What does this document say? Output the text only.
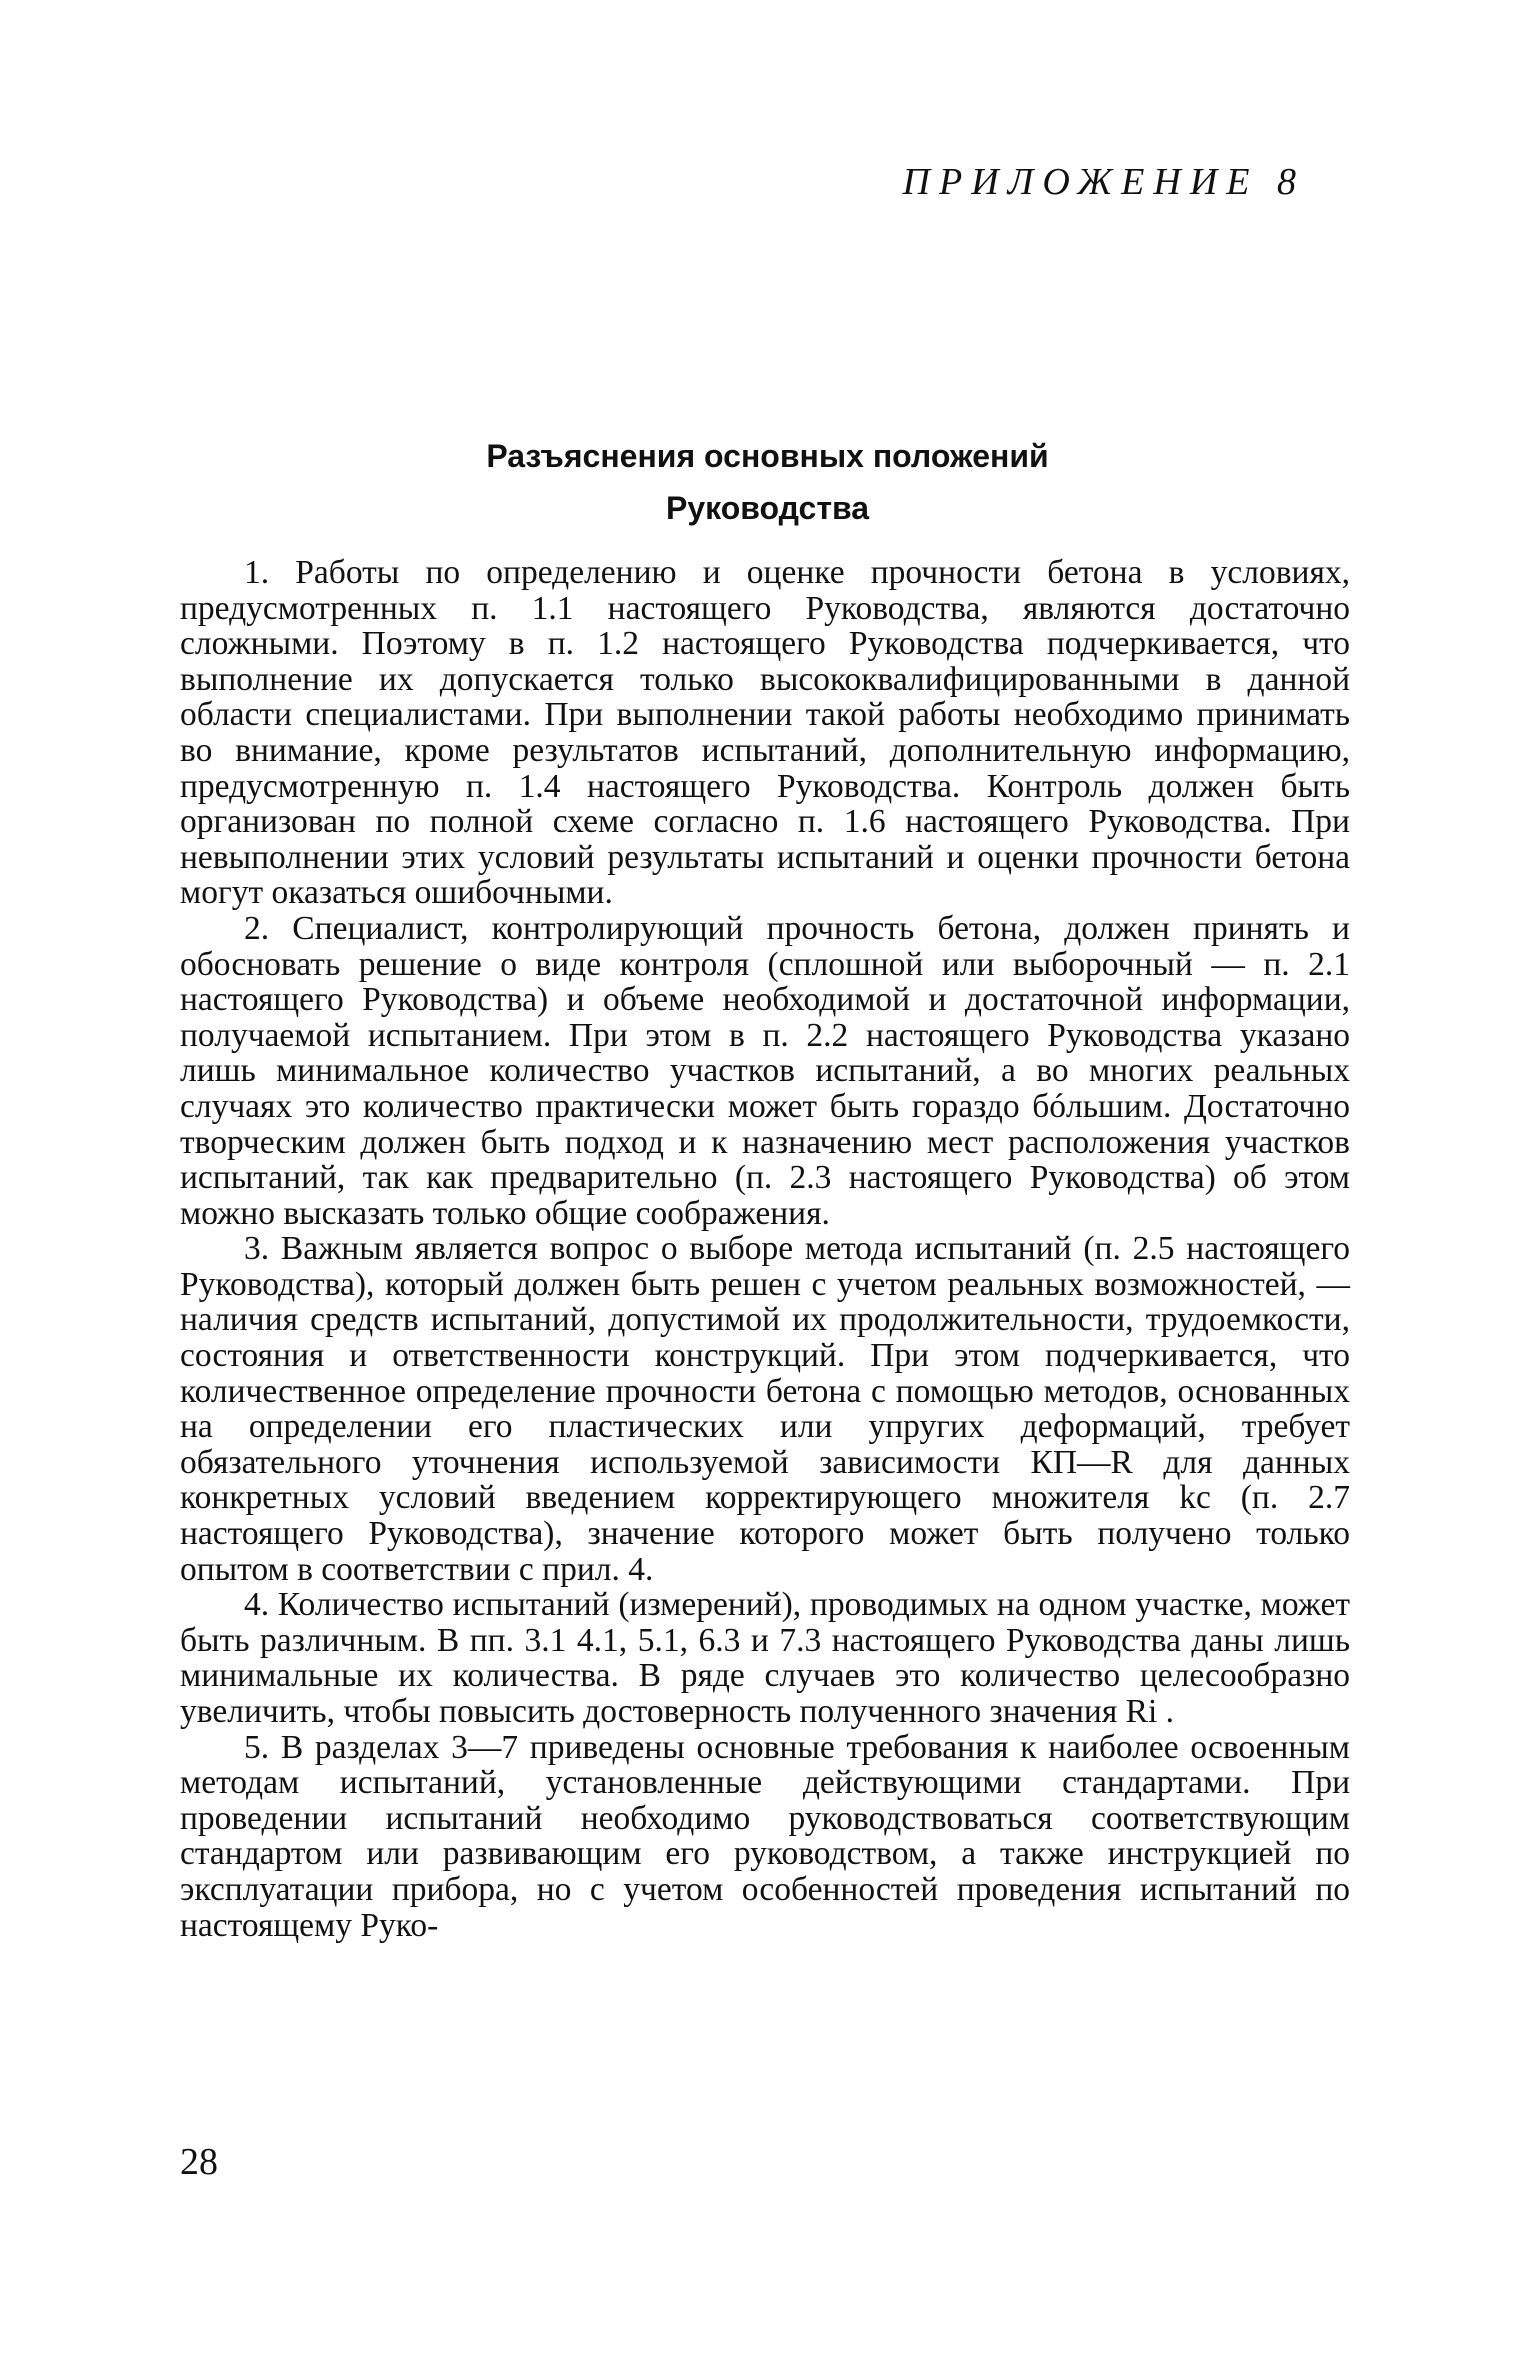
ПРИЛОЖЕНИЕ 8
Разъяснения основных положений
Руководства

1. Работы по определению и оценке прочности бетона в условиях, предусмотренных п. 1.1 настоящего Руководства, являются достаточно сложными. Поэтому в п. 1.2 настоящего Руководства подчеркивается, что выполнение их допускается только высококвалифицированными в данной области специалистами. При выполнении такой работы необходимо принимать во внимание, кроме результатов испытаний, дополнительную информацию, предусмотренную п. 1.4 настоящего Руководства. Контроль должен быть организован по полной схеме согласно п. 1.6 настоящего Руководства. При невыполнении этих условий результаты испытаний и оценки прочности бетона могут оказаться ошибочными.

2. Специалист, контролирующий прочность бетона, должен принять и обосновать решение о виде контроля (сплошной или выборочный — п. 2.1 настоящего Руководства) и объеме необходимой и достаточной информации, получаемой испытанием. При этом в п. 2.2 настоящего Руководства указано лишь минимальное количество участков испытаний, а во многих реальных случаях это количество практически может быть гораздо бóльшим. Достаточно творческим должен быть подход и к назначению мест расположения участков испытаний, так как предварительно (п. 2.3 настоящего Руководства) об этом можно высказать только общие соображения.

3. Важным является вопрос о выборе метода испытаний (п. 2.5 настоящего Руководства), который должен быть решен с учетом реальных возможностей, — наличия средств испытаний, допустимой их продолжительности, трудоемкости, состояния и ответственности конструкций. При этом подчеркивается, что количественное определение прочности бетона с помощью методов, основанных на определении его пластических или упругих деформаций, требует обязательного уточнения используемой зависимости КП—R для данных конкретных условий введением корректирующего множителя kс (п. 2.7 настоящего Руководства), значение которого может быть получено только опытом в соответствии с прил. 4.

4. Количество испытаний (измерений), проводимых на одном участке, может быть различным. В пп. 3.1 4.1, 5.1, 6.3 и 7.3 настоящего Руководства даны лишь минимальные их количества. В ряде случаев это количество целесообразно увеличить, чтобы повысить достоверность полученного значения Ri .

5. В разделах 3—7 приведены основные требования к наиболее освоенным методам испытаний, установленные действующими стандартами. При проведении испытаний необходимо руководствоваться соответствующим стандартом или развивающим его руководством, а также инструкцией по эксплуатации прибора, но с учетом особенностей проведения испытаний по настоящему Руко-

28
